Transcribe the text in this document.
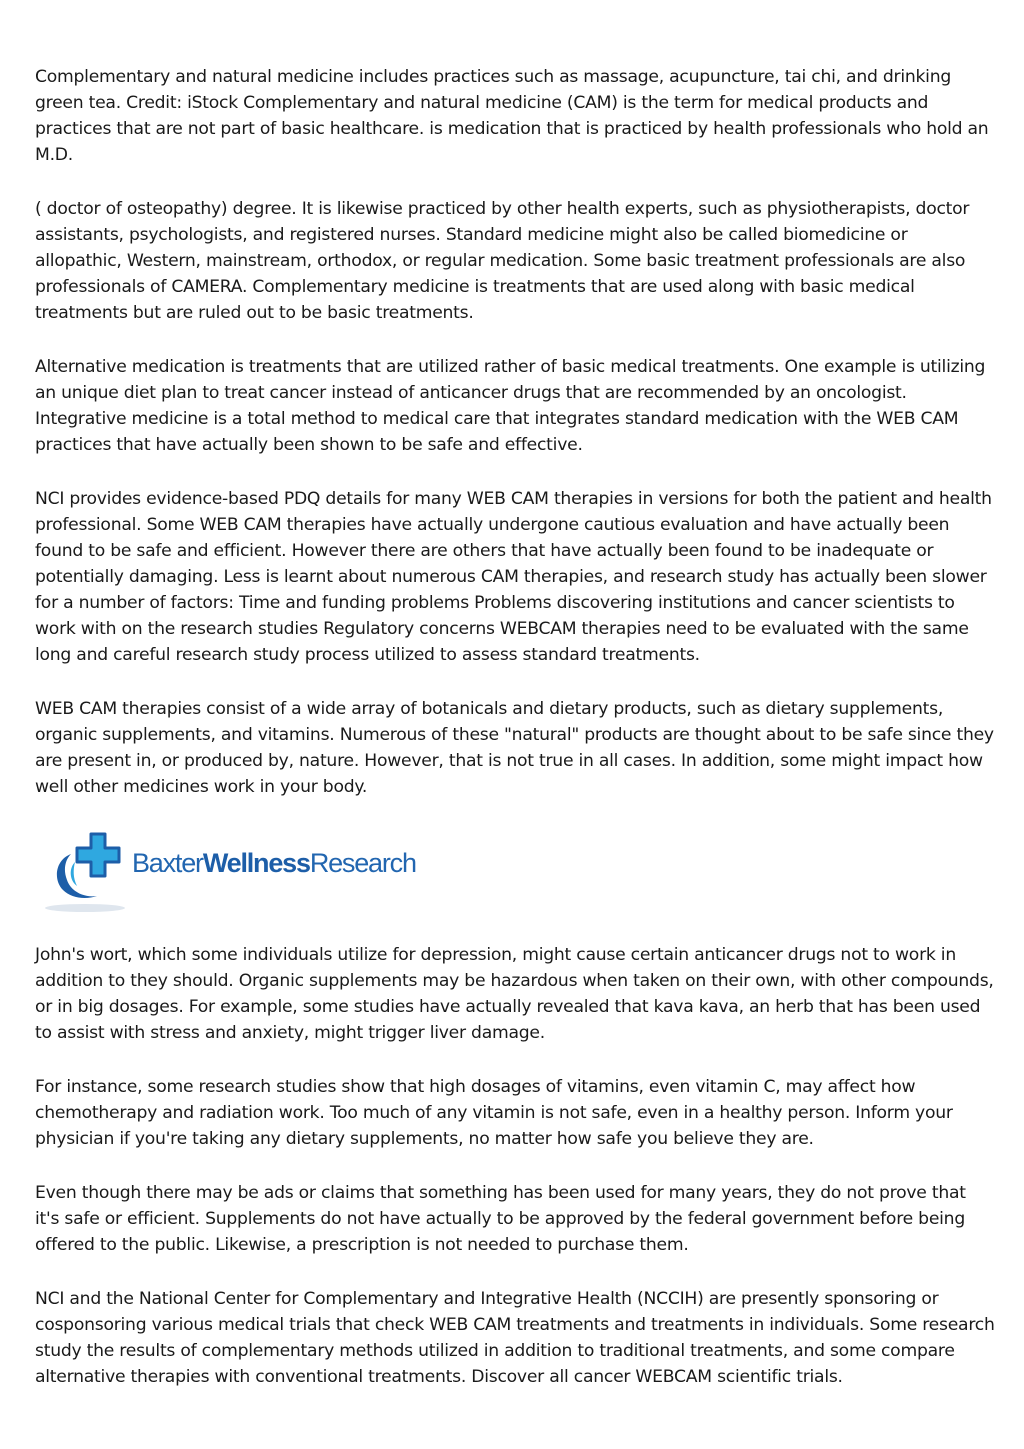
Complementary and natural medicine includes practices such as massage, acupuncture, tai chi, and drinking green tea. Credit: iStock Complementary and natural medicine (CAM) is the term for medical products and practices that are not part of basic healthcare. is medication that is practiced by health professionals who hold an M.D.

( doctor of osteopathy) degree. It is likewise practiced by other health experts, such as physiotherapists, doctor assistants, psychologists, and registered nurses. Standard medicine might also be called biomedicine or allopathic, Western, mainstream, orthodox, or regular medication. Some basic treatment professionals are also professionals of CAMERA. Complementary medicine is treatments that are used along with basic medical treatments but are ruled out to be basic treatments.

Alternative medication is treatments that are utilized rather of basic medical treatments. One example is utilizing an unique diet plan to treat cancer instead of anticancer drugs that are recommended by an oncologist. Integrative medicine is a total method to medical care that integrates standard medication with the WEB CAM practices that have actually been shown to be safe and effective.

NCI provides evidence-based PDQ details for many WEB CAM therapies in versions for both the patient and health professional. Some WEB CAM therapies have actually undergone cautious evaluation and have actually been found to be safe and efficient. However there are others that have actually been found to be inadequate or potentially damaging. Less is learnt about numerous CAM therapies, and research study has actually been slower for a number of factors: Time and funding problems Problems discovering institutions and cancer scientists to work with on the research studies Regulatory concerns WEBCAM therapies need to be evaluated with the same long and careful research study process utilized to assess standard treatments.

WEB CAM therapies consist of a wide array of botanicals and dietary products, such as dietary supplements, organic supplements, and vitamins. Numerous of these "natural" products are thought about to be safe since they are present in, or produced by, nature. However, that is not true in all cases. In addition, some might impact how well other medicines work in your body.

BaxterWellnessResearch

John's wort, which some individuals utilize for depression, might cause certain anticancer drugs not to work in addition to they should. Organic supplements may be hazardous when taken on their own, with other compounds, or in big dosages. For example, some studies have actually revealed that kava kava, an herb that has been used to assist with stress and anxiety, might trigger liver damage.

For instance, some research studies show that high dosages of vitamins, even vitamin C, may affect how chemotherapy and radiation work. Too much of any vitamin is not safe, even in a healthy person. Inform your physician if you're taking any dietary supplements, no matter how safe you believe they are.

Even though there may be ads or claims that something has been used for many years, they do not prove that it's safe or efficient. Supplements do not have actually to be approved by the federal government before being offered to the public. Likewise, a prescription is not needed to purchase them.

NCI and the National Center for Complementary and Integrative Health (NCCIH) are presently sponsoring or cosponsoring various medical trials that check WEB CAM treatments and treatments in individuals. Some research study the results of complementary methods utilized in addition to traditional treatments, and some compare alternative therapies with conventional treatments. Discover all cancer WEBCAM scientific trials.
